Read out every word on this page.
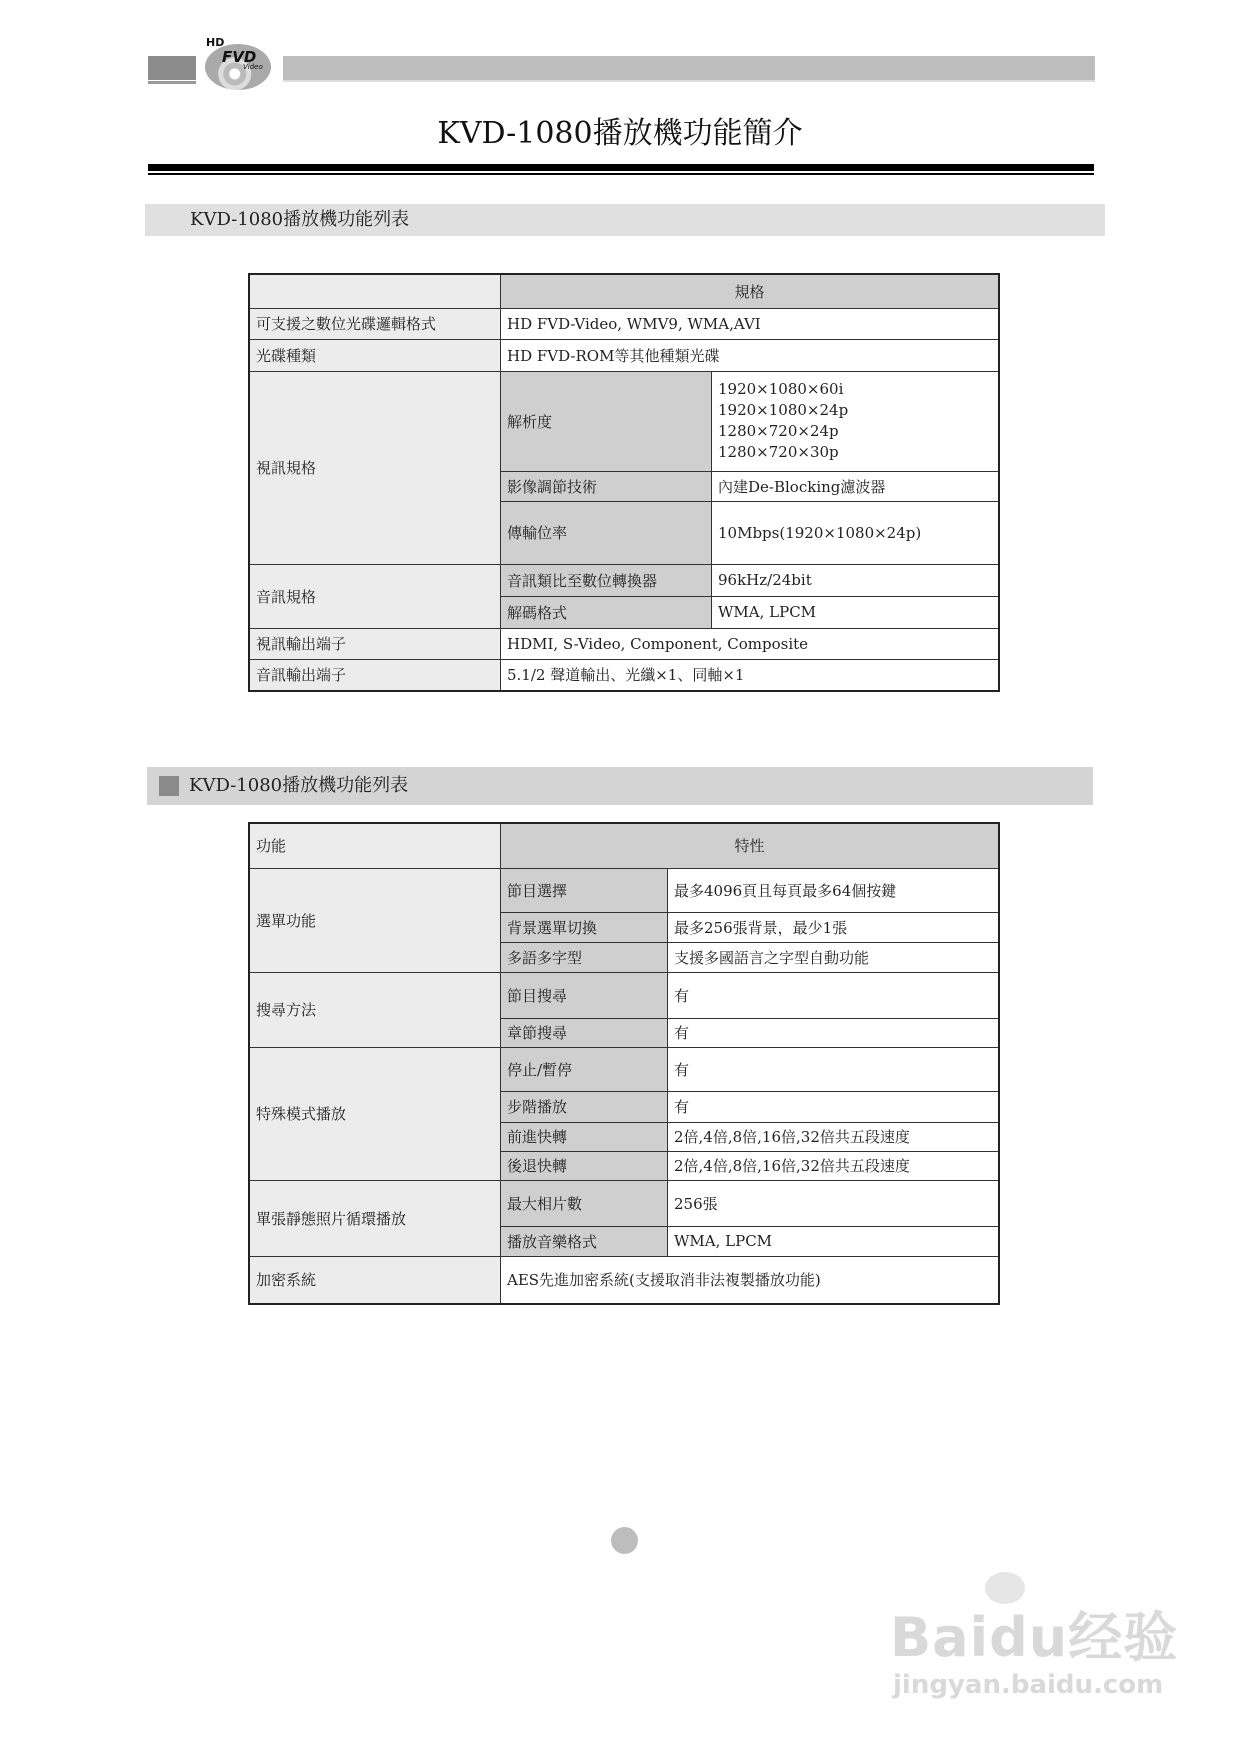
HD
FVD
Video
KVD-1080播放機功能簡介
KVD-1080播放機功能列表
	規格	
可支援之數位光碟邏輯格式	HD FVD-Video, WMV9, WMA,AVI	
光碟種類	HD FVD-ROM等其他種類光碟	
視訊規格	解析度	1920×1080×60i
1920×1080×24p
1280×720×24p
1280×720×30p

	影像調節技術	內建De-Blocking濾波器
	傳輸位率	10Mbps(1920×1080×24p)
音訊規格	音訊類比至數位轉換器	96kHz/24bit
	解碼格式	WMA, LPCM
視訊輸出端子	HDMI, S-Video, Component, Composite	
音訊輸出端子	5.1/2 聲道輸出、光纖×1、同軸×1	
KVD-1080播放機功能列表
功能	特性	
選單功能	節目選擇	最多4096頁且每頁最多64個按鍵
	背景選單切換	最多256張背景，最少1張
	多語多字型	支援多國語言之字型自動功能
搜尋方法	節目搜尋	有
	章節搜尋	有
特殊模式播放	停止/暫停	有
	步階播放	有
	前進快轉	2倍,4倍,8倍,16倍,32倍共五段速度
	後退快轉	2倍,4倍,8倍,16倍,32倍共五段速度
單張靜態照片循環播放	最大相片數	256張
	播放音樂格式	WMA, LPCM
加密系統	AES先進加密系統(支援取消非法複製播放功能)	
Baidu经验
jingyan.baidu.com
